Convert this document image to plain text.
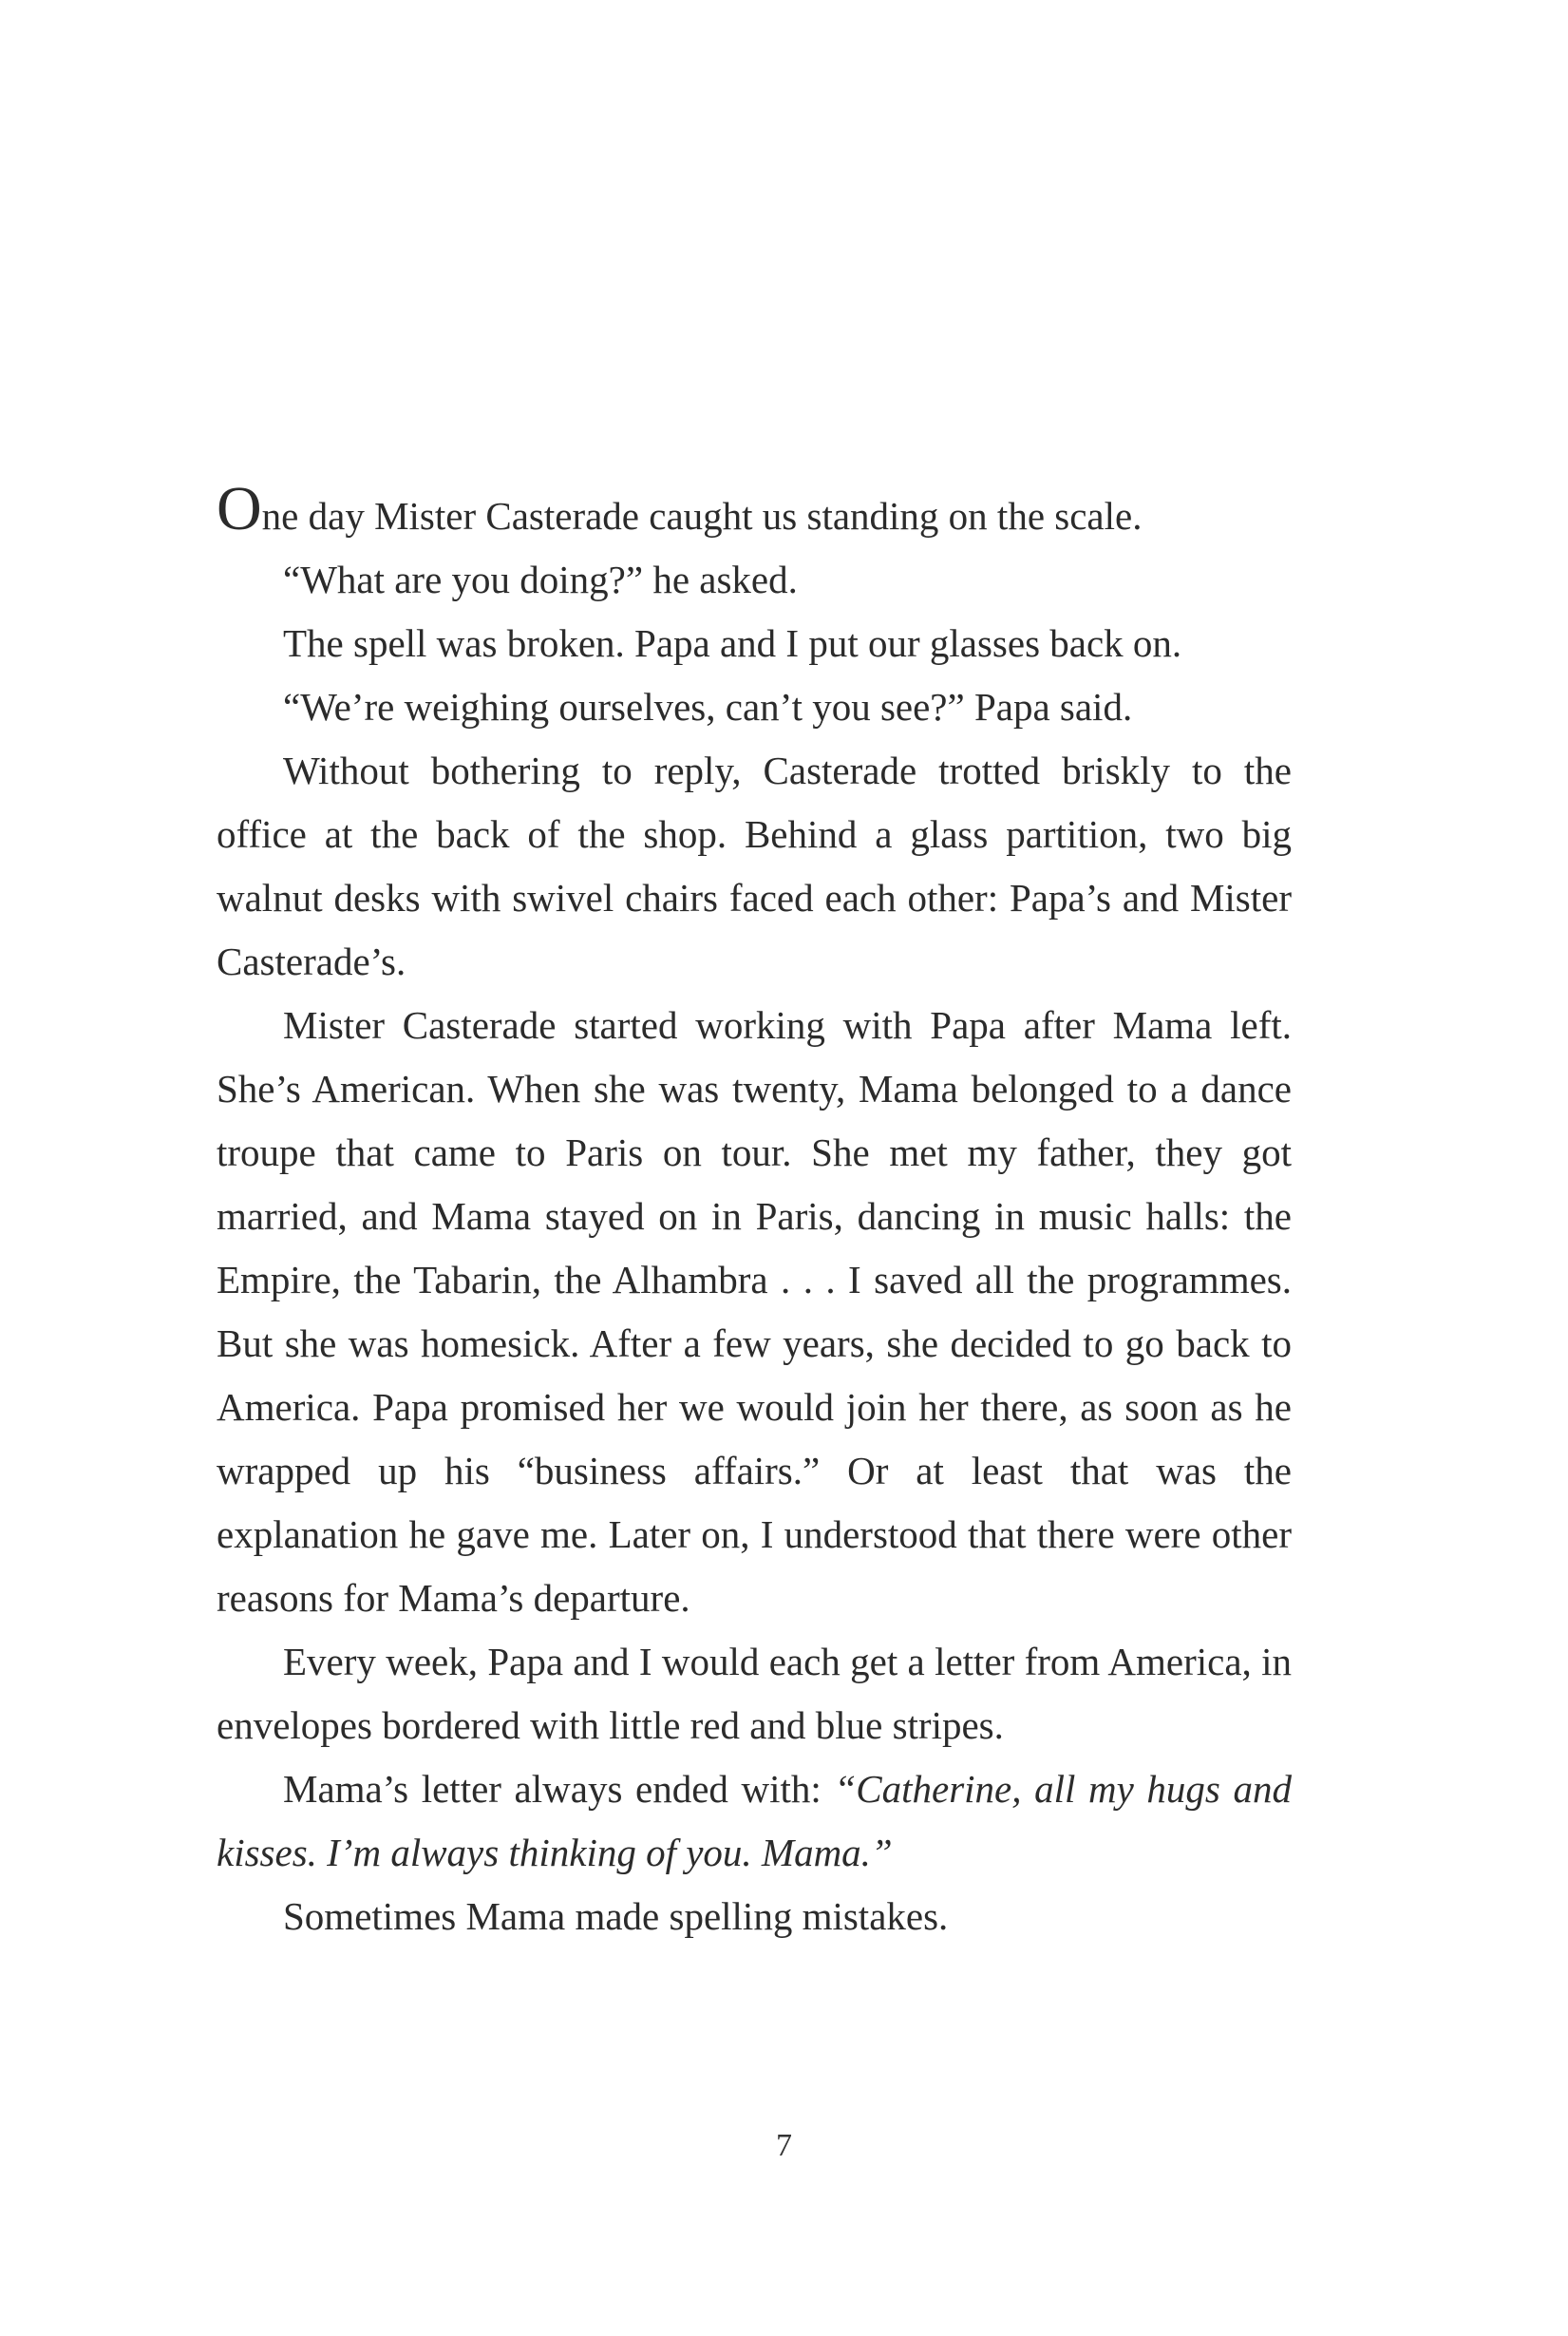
One day Mister Casterade caught us standing on the scale.

“What are you doing?” he asked.

The spell was broken. Papa and I put our glasses back on.

“We’re weighing ourselves, can’t you see?” Papa said.

Without bothering to reply, Casterade trotted briskly to the office at the back of the shop. Behind a glass partition, two big walnut desks with swivel chairs faced each other: Papa’s and Mister Casterade’s.

Mister Casterade started working with Papa after Mama left. She’s American. When she was twenty, Mama belonged to a dance troupe that came to Paris on tour. She met my father, they got married, and Mama stayed on in Paris, dancing in music halls: the Empire, the Tabarin, the Alhambra . . . I saved all the programmes. But she was homesick. After a few years, she decided to go back to America. Papa promised her we would join her there, as soon as he wrapped up his “business affairs.” Or at least that was the explanation he gave me. Later on, I understood that there were other reasons for Mama’s departure.

Every week, Papa and I would each get a letter from America, in envelopes bordered with little red and blue stripes.

Mama’s letter always ended with: “Catherine, all my hugs and kisses. I’m always thinking of you. Mama.”

Sometimes Mama made spelling mistakes.

7
